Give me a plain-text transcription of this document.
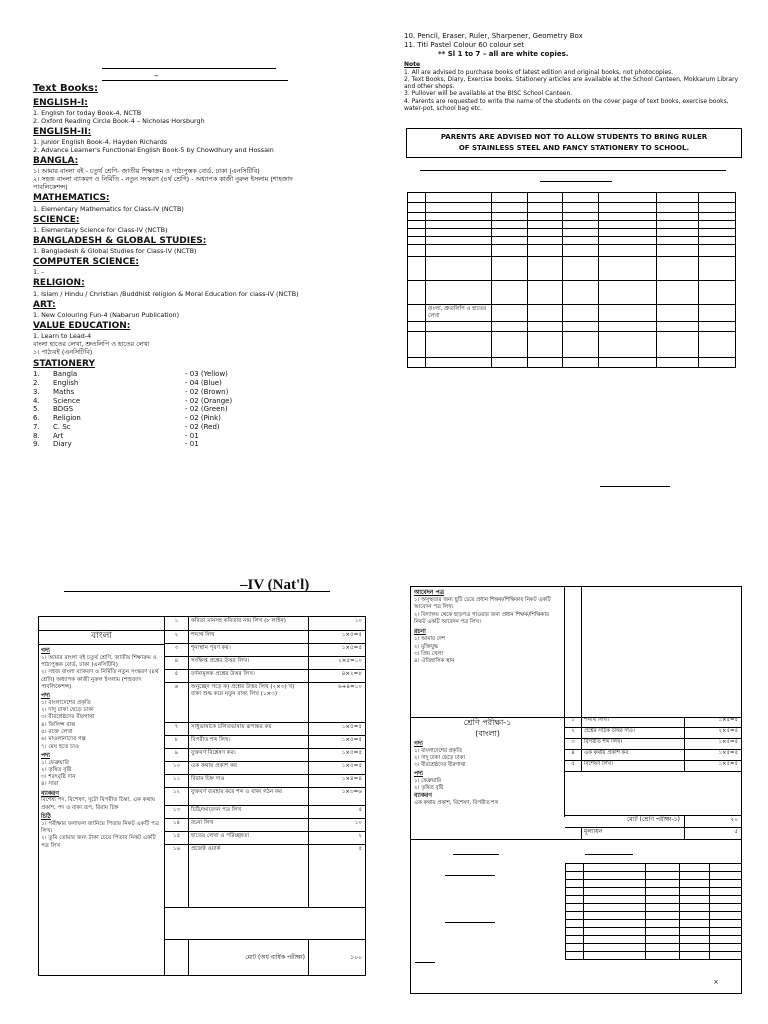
–
Text Books:
ENGLISH-I:
1. English for today Book-4, NCTB
2. Oxford Reading Circle Book-4 – Nicholas Horsburgh
ENGLISH-II:
1. Junior English Book-4, Hayden Richards
2. Advance Learner's Functional English Book-5 by Chowdhury and Hossain
BANGLA:
১। আমার বাংলা বই - চতুর্থ শ্রেণি- জাতীয় শিক্ষাক্রম ও পাঠ্যপুস্তক বোর্ড, ঢাকা (এনসিটিবি)
২। সহজ বাংলা ব্যাকরণ ও নির্মিতি - নতুন সংস্করণ (৪র্থ শ্রেণি) - অধ্যাপক কাজী নুরুল ইসলাম (শাহজাদ
পাবলিকেশন্স)
MATHEMATICS:
1. Elementary Mathematics for Class-IV (NCTB)
SCIENCE:
1. Elementary Science for Class-IV (NCTB)
BANGLADESH & GLOBAL STUDIES:
1. Bangladesh & Global Studies for Class-IV (NCTB)
COMPUTER SCIENCE:
1. –
RELIGION:
1. Islam / Hindu / Christian /Buddhist religion & Moral Education for class-IV (NCTB)
ART:
1. New Colouring Fun-4 (Nabarun Publication)
VALUE EDUCATION:
1. Learn to Lead-4
বাংলা হাতের লেখা, শ্রুতলিপি ও হাতের লেখা
১। পাঠ্যবই (এনসিটিবি)
STATIONERY
1.	Bangla	- 03 (Yellow)
2.	English	- 04 (Blue)
3.	Maths	- 02 (Brown)
4.	Science	- 02 (Orange)
5.	BDGS	- 02 (Green)
6.	Religion	- 02 (Pink)
7.	C. Sc	- 02 (Red)
8.	Art	- 01
9.	Diary	- 01
10. Pencil, Eraser, Ruler, Sharpener, Geometry Box
11. Titi Pastel Colour 60 colour set
** Sl 1 to 7 – all are white copies.
Note
1. All are advised to purchase books of latest edition and original books, not photocopies.
2. Text Books, Diary, Exercise books. Stationery articles are available at the School Canteen, Mokkarum Library
and other shops.
3. Pullover will be available at the BISC School Canteen.
4. Parents are requested to write the name of the students on the cover page of text books, exercise books,
water-pot, school bag etc.
PARENTS ARE ADVISED NOT TO ALLOW STUDENTS TO BRING RULER OF STAINLESS STEEL AND FANCY STATIONERY TO SCHOOL.

	বাংলা, শ্রুতলিপি ও হাতের লেখা						

–IV (Nat'l)
বাংলা
গদ্য
১। আমার বাংলা বই চতুর্থ শ্রেণি, জাতীয় শিক্ষাক্রম ও পাঠ্যপুস্তক বোর্ড, ঢাকা (এনসিটিবি)
২। সহজ বাংলা ব্যাকরণ ও নির্মিতি নতুন সংস্করণ (৪র্থ শ্রেণি) অধ্যাপক কাজী নুরুল ইসলাম (শাহজাদ পাবলিকেশন্স)
পদ্য
১। বাংলাদেশের প্রকৃতি
২। দাদু ঢাকা ছেড়ে ঢাকা
৩। বীরশ্রেষ্ঠদের বীরগাথা
৪। ফিলিপ্স বাল্ব
৫। রক্তে লেখা
৬। মাওলানাদের গল্প
৭। মেঘ হতে চাও
পদ্য
১। ফেব্রুয়ারি
২। তৃষিত বৃষ্টি
৩। শরৎবৃষ্টি দান
৪। সারা
ব্যাকরণ
বিশেষ্য পদ, বিশেষণ, দুটো বিপরীত চিন্তা, এক কথায় প্রকাশ, পদ ও বাক্য রূপ, বিরাম চিহ্ন
চিঠি
১। পরীক্ষার ফলাফল জানিয়ে পিতার নিকট একটি পত্র লিখ।
২। তুমি তোমার জন্য টাকা চেয়ে পিতার নিকট একটি পত্র লিখ
১	কবিতা মানসহ কবিতার নাম লিখ (৮ লাইন)	১০
২	শব্দার্থ লিখ	১×৫=৫
৩	শূন্যস্থান পূরণ কর।	১×৫=৫
৪	সংক্ষিপ্ত প্রশ্নের উত্তর লিখ।	২×৫=১০
৫	বর্ণনামূলক প্রশ্নের উত্তর লিখ।	৪×২=৮
৬	অনুচ্ছেদ পড়ে ক) প্রশ্নের উত্তর লিখ (২×৩) খ) বাক্য শুদ্ধ করে নতুন বাক্য লিখ (১×৩)
৬+৪=১০
৭	সাধুভাষাকে চলিতভাষায় রূপান্তর কর	১×৫=৫
৮	বিপরীত শব্দ লিখ।	১×৫=৫
৯	যুক্তবর্ণ বিশ্লেষণ কর।	১×৫=৫
১০	এক কথায় প্রকাশ কর	১×৫=৫
১১	বিরাম চিহ্ন দাও	১×৪=৪
১২	যুক্তবর্ণ ব্যবহার করে শব্দ ও বাক্য গঠন কর	১×৩=৬
১৩	চিঠি/আবেদন পত্র লিখ	৫
১৪	রচনা লিখ	১০
১৫	হাতের লেখা ও পরিচ্ছন্নতা	২
১৬	প্রজেক্ট ওয়ার্ক	৫
মোট (অর্ধ বার্ষিক পরীক্ষা)	১০০
আবেদন পত্র
১। অসুস্থতার জন্য ছুটি চেয়ে প্রধান শিক্ষক/শিক্ষিকার নিকট একটি আবেদন পত্র লিখ।
২। বিদ্যালয় থেকে ছাড়পত্র পাওয়ার জন্য প্রধান শিক্ষক/শিক্ষিকার নিকট একটি আবেদন পত্র লিখ।
রচনা
১। আমার দেশ
২। মুক্তিযুদ্ধ
৩। প্রিয় খেলা
৪। ঐতিহাসিক স্থান
শ্রেণি পরীক্ষা-১
(বাংলা)
গদ্য
১। বাংলাদেশের প্রকৃতি
২। দাদু ঢাকা ছেড়ে ঢাকা
৩। বীরশ্রেষ্ঠদের বীরগাথা
পদ্য
১। ফেব্রুয়ারি
২। তৃষিত বৃষ্টি
ব্যাকরণ
এক কথায় প্রকাশ, বিশেষণ, বিপরীত শব্দ
১	শব্দার্থ লিখ।	১×৫=৫
২	প্রশ্নের সঠিক উত্তর দাও।	২×৫=৫
৩	বিপরীত শব্দ লিখ।	১×৫=৫
৪	এক কথায় প্রকাশ কর	১×৫=৫
৫	বিশেষণ লিখ।	১×৫=৫
মোট (শ্রেণি পরীক্ষা-১)	২০
মূল্যায়ন	৫

×
